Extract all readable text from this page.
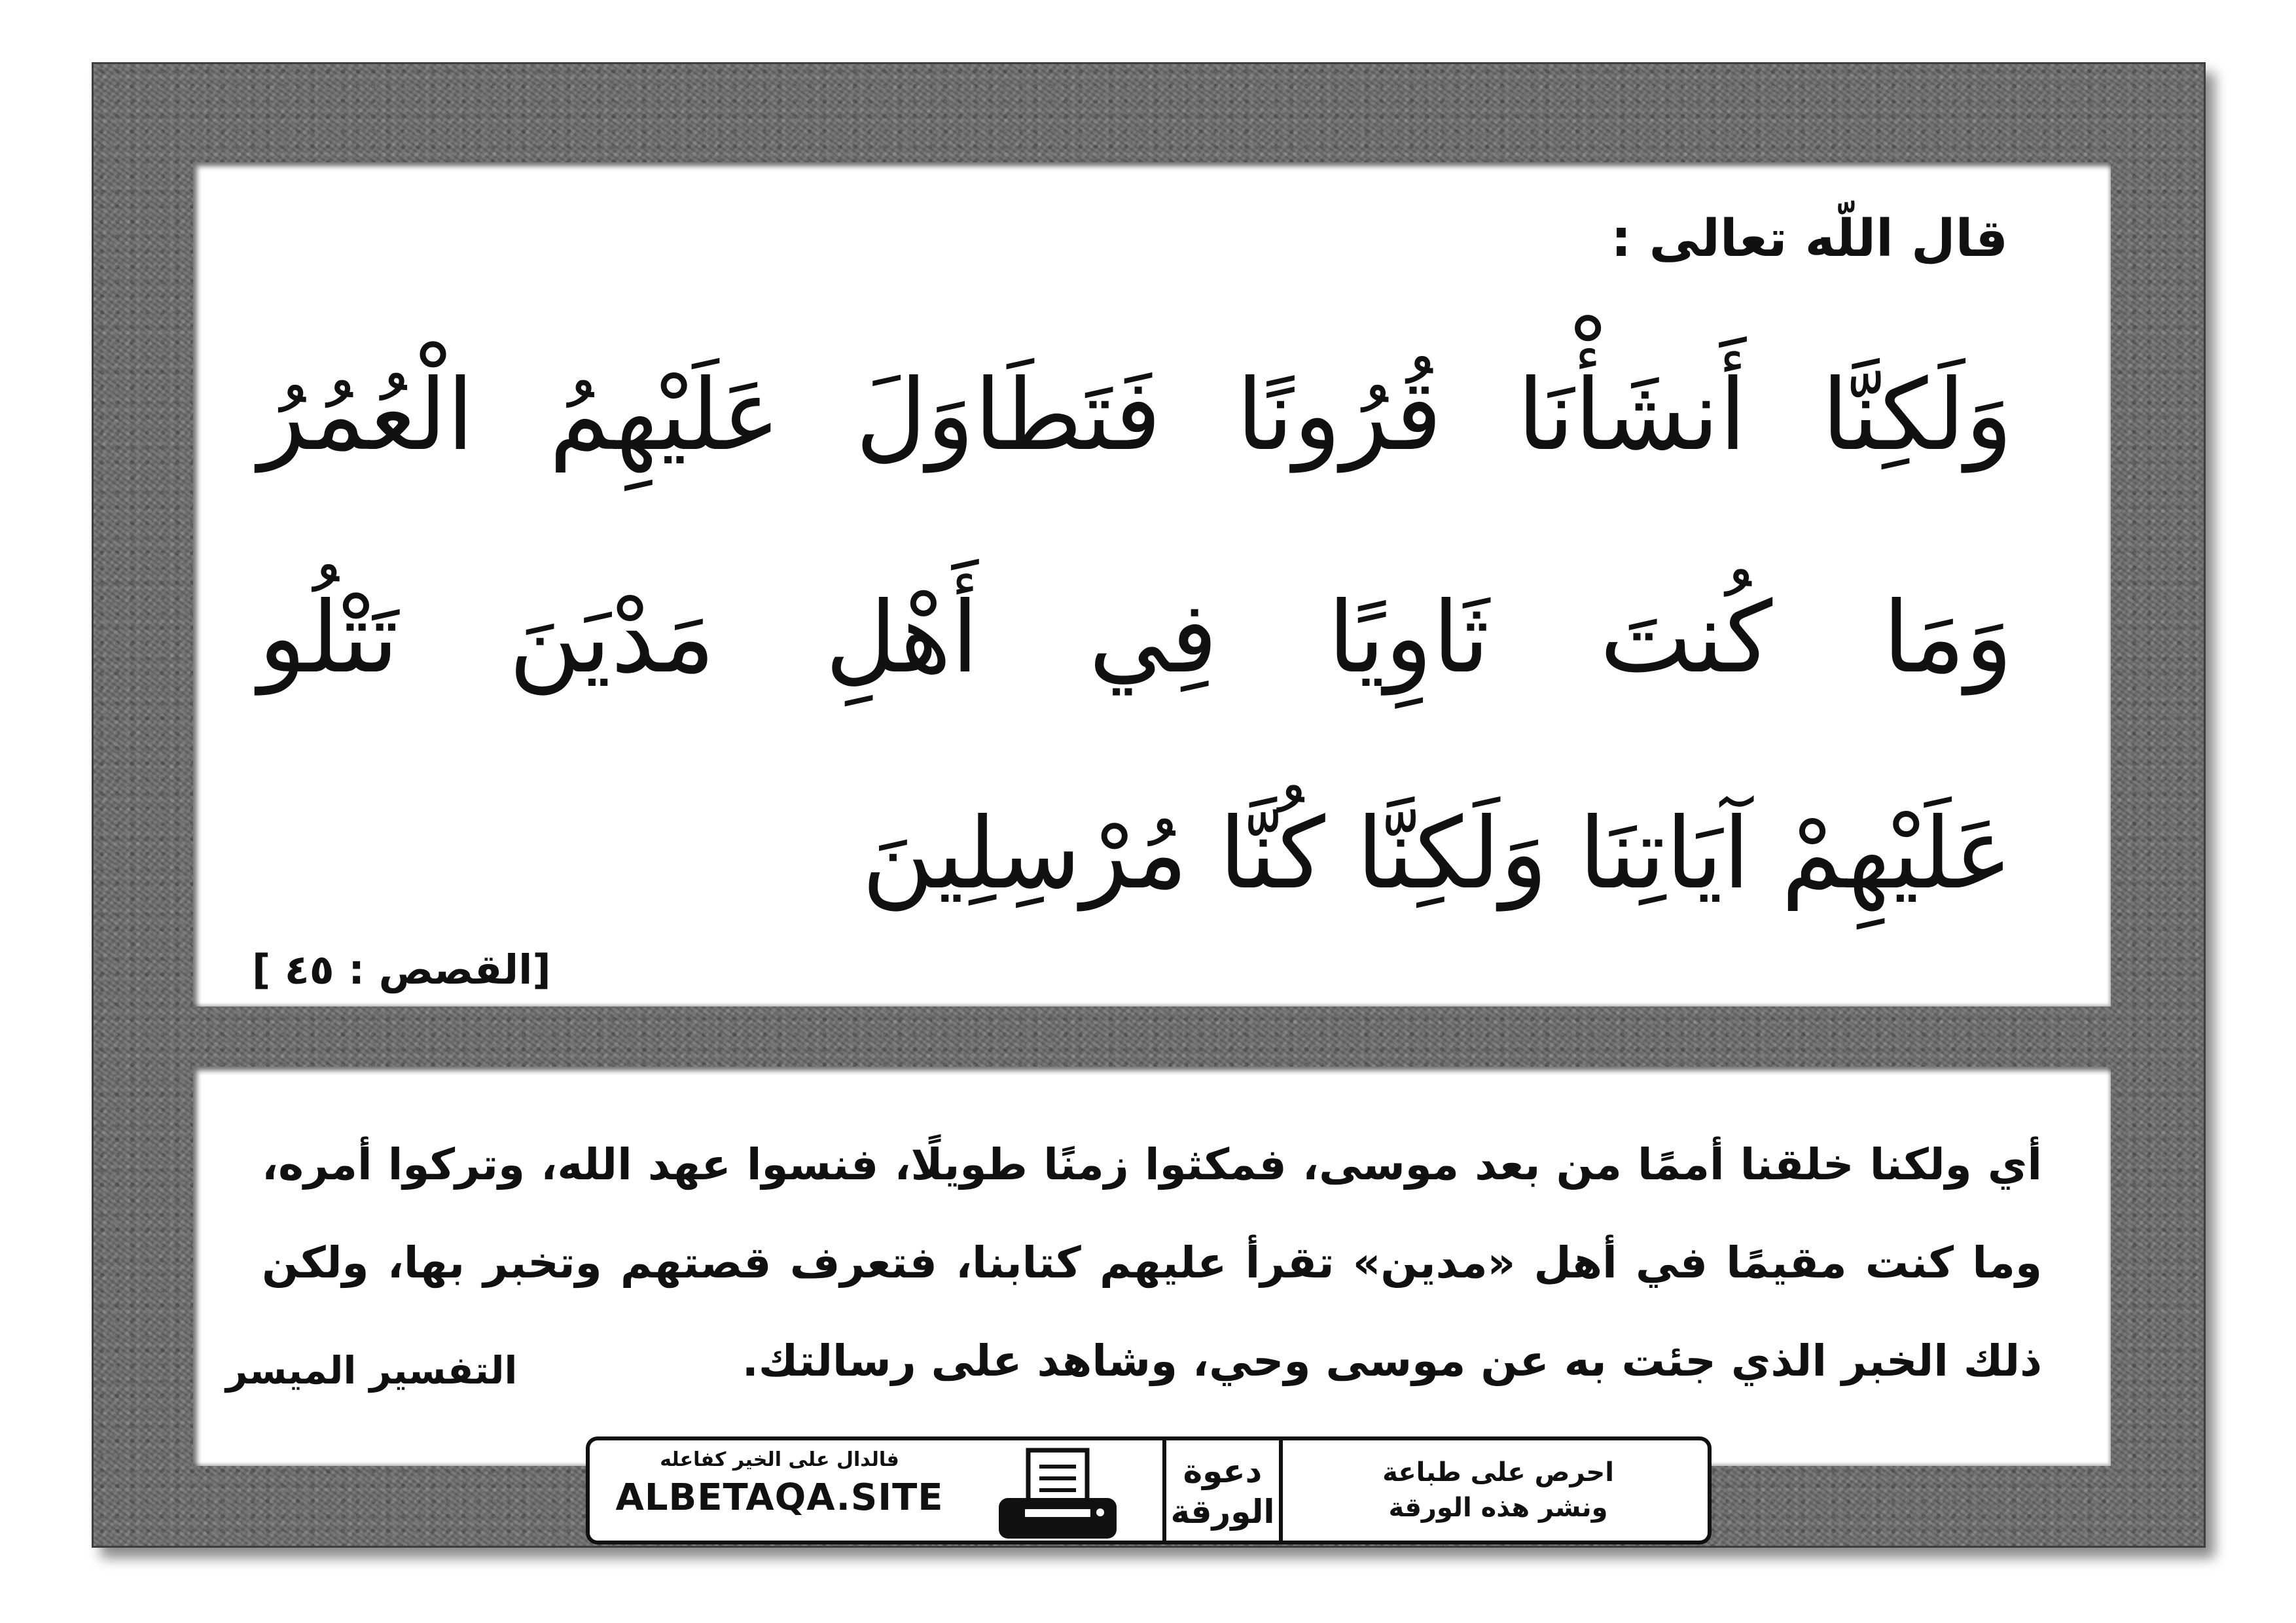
قال اللّه تعالى :
وَلَكِنَّا أَنشَأْنَا قُرُونًا فَتَطَاوَلَ عَلَيْهِمُ الْعُمُرُ
وَمَا كُنتَ ثَاوِيًا فِي أَهْلِ مَدْيَنَ تَتْلُو
عَلَيْهِمْ آيَاتِنَا وَلَكِنَّا كُنَّا مُرْسِلِينَ
[القصص : ٤٥ ]
أي ولكنا خلقنا أممًا من بعد موسى، فمكثوا زمنًا طويلًا، فنسوا عهد الله، وتركوا أمره، وما كنت مقيمًا في أهل «مدين» تقرأ عليهم كتابنا، فتعرف قصتهم وتخبر بها، ولكن ذلك الخبر الذي جئت به عن موسى وحي، وشاهد على رسالتك.
التفسير الميسر
فالدال على الخير كفاعله
ALBETAQA.SITE
دعوة
الورقة
احرص على طباعة
ونشر هذه الورقة
